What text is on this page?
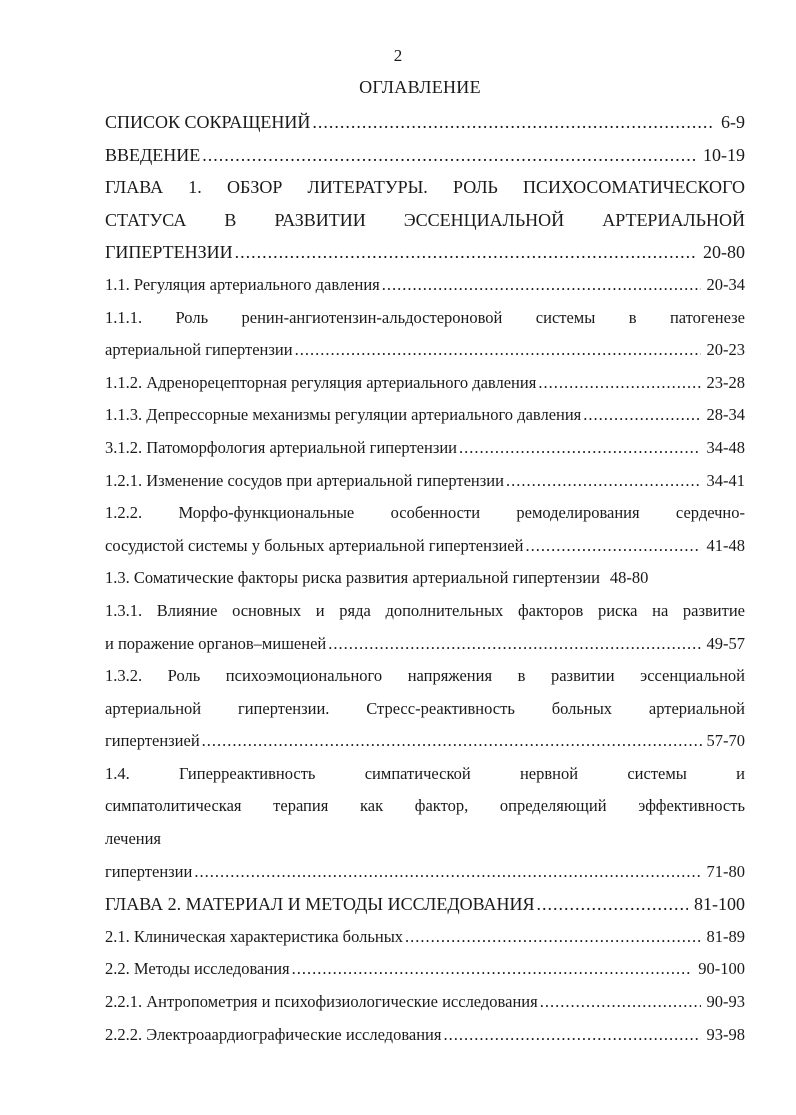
2
ОГЛАВЛЕНИЕ
СПИСОК СОКРАЩЕНИЙ .....	6-9
ВВЕДЕНИЕ .....	10-19
ГЛАВА 1. ОБЗОР ЛИТЕРАТУРЫ. РОЛЬ ПСИХОСОМАТИЧЕСКОГО
СТАТУСА В РАЗВИТИИ ЭССЕНЦИАЛЬНОЙ АРТЕРИАЛЬНОЙ
ГИПЕРТЕНЗИИ .....	20-80
1.1. Регуляция артериального давления .....	20-34
1.1.1. Роль ренин-ангиотензин-альдостероновой системы в патогенезе
артериальной гипертензии .....	20-23
1.1.2. Адренорецепторная регуляция артериального давления .....	23-28
1.1.3. Депрессорные механизмы регуляции артериального давления .....	28-34
3.1.2. Патоморфология артериальной гипертензии .....	34-48
1.2.1. Изменение сосудов при артериальной гипертензии .....	34-41
1.2.2. Морфо-функциональные особенности ремоделирования сердечно-
сосудистой системы у больных артериальной гипертензией .....	41-48
1.3. Соматические факторы риска развития артериальной гипертензии 48-80
1.3.1. Влияние основных и ряда дополнительных факторов риска на развитие
и поражение органов–мишеней .....	49-57
1.3.2. Роль психоэмоционального напряжения в развитии эссенциальной
артериальной гипертензии. Стресс-реактивность больных артериальной
гипертензией .....	57-70
1.4. Гиперреактивность симпатической нервной системы и
симпатолитическая терапия как фактор, определяющий эффективность
лечения
гипертензии .....	71-80
ГЛАВА 2. МАТЕРИАЛ И МЕТОДЫ ИССЛЕДОВАНИЯ .....	81-100
2.1. Клиническая характеристика больных .....	81-89
2.2. Методы исследования .....	90-100
2.2.1. Антропометрия и психофизиологические исследования .....	90-93
2.2.2. Электроаардиографические исследования .....	93-98
